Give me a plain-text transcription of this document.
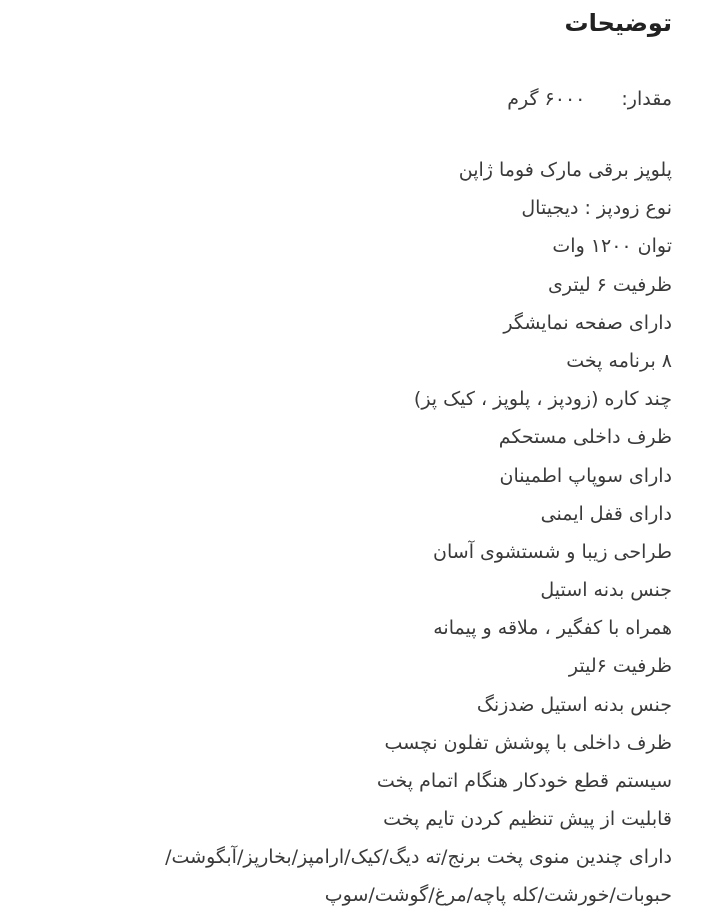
توضیحات
مقدار:۶۰۰۰ گرم
پلوپز برقی مارک فوما ژاپن
نوع زودپز : دیجیتال
توان ۱۲۰۰ وات
ظرفیت ۶ لیتری
دارای صفحه نمایشگر
۸ برنامه پخت
چند کاره (زودپز ، پلوپز ، کیک پز)
ظرف داخلی مستحکم
دارای سوپاپ اطمینان
دارای قفل ایمنی
طراحی زیبا و شستشوی آسان
جنس بدنه استیل
همراه با کفگیر ، ملاقه و پیمانه
ظرفیت ۶لیتر
جنس بدنه استیل ضدزنگ
ظرف داخلی با پوشش تفلون نچسب
سیستم قطع خودکار هنگام اتمام پخت
قابلیت از پیش تنظیم کردن تایم پخت
دارای چندین منوی پخت برنج/ته دیگ/کیک/ارامپز/بخارپز/آبگوشت/
حبوبات/خورشت/کله پاچه/مرغ/گوشت/سوپ
